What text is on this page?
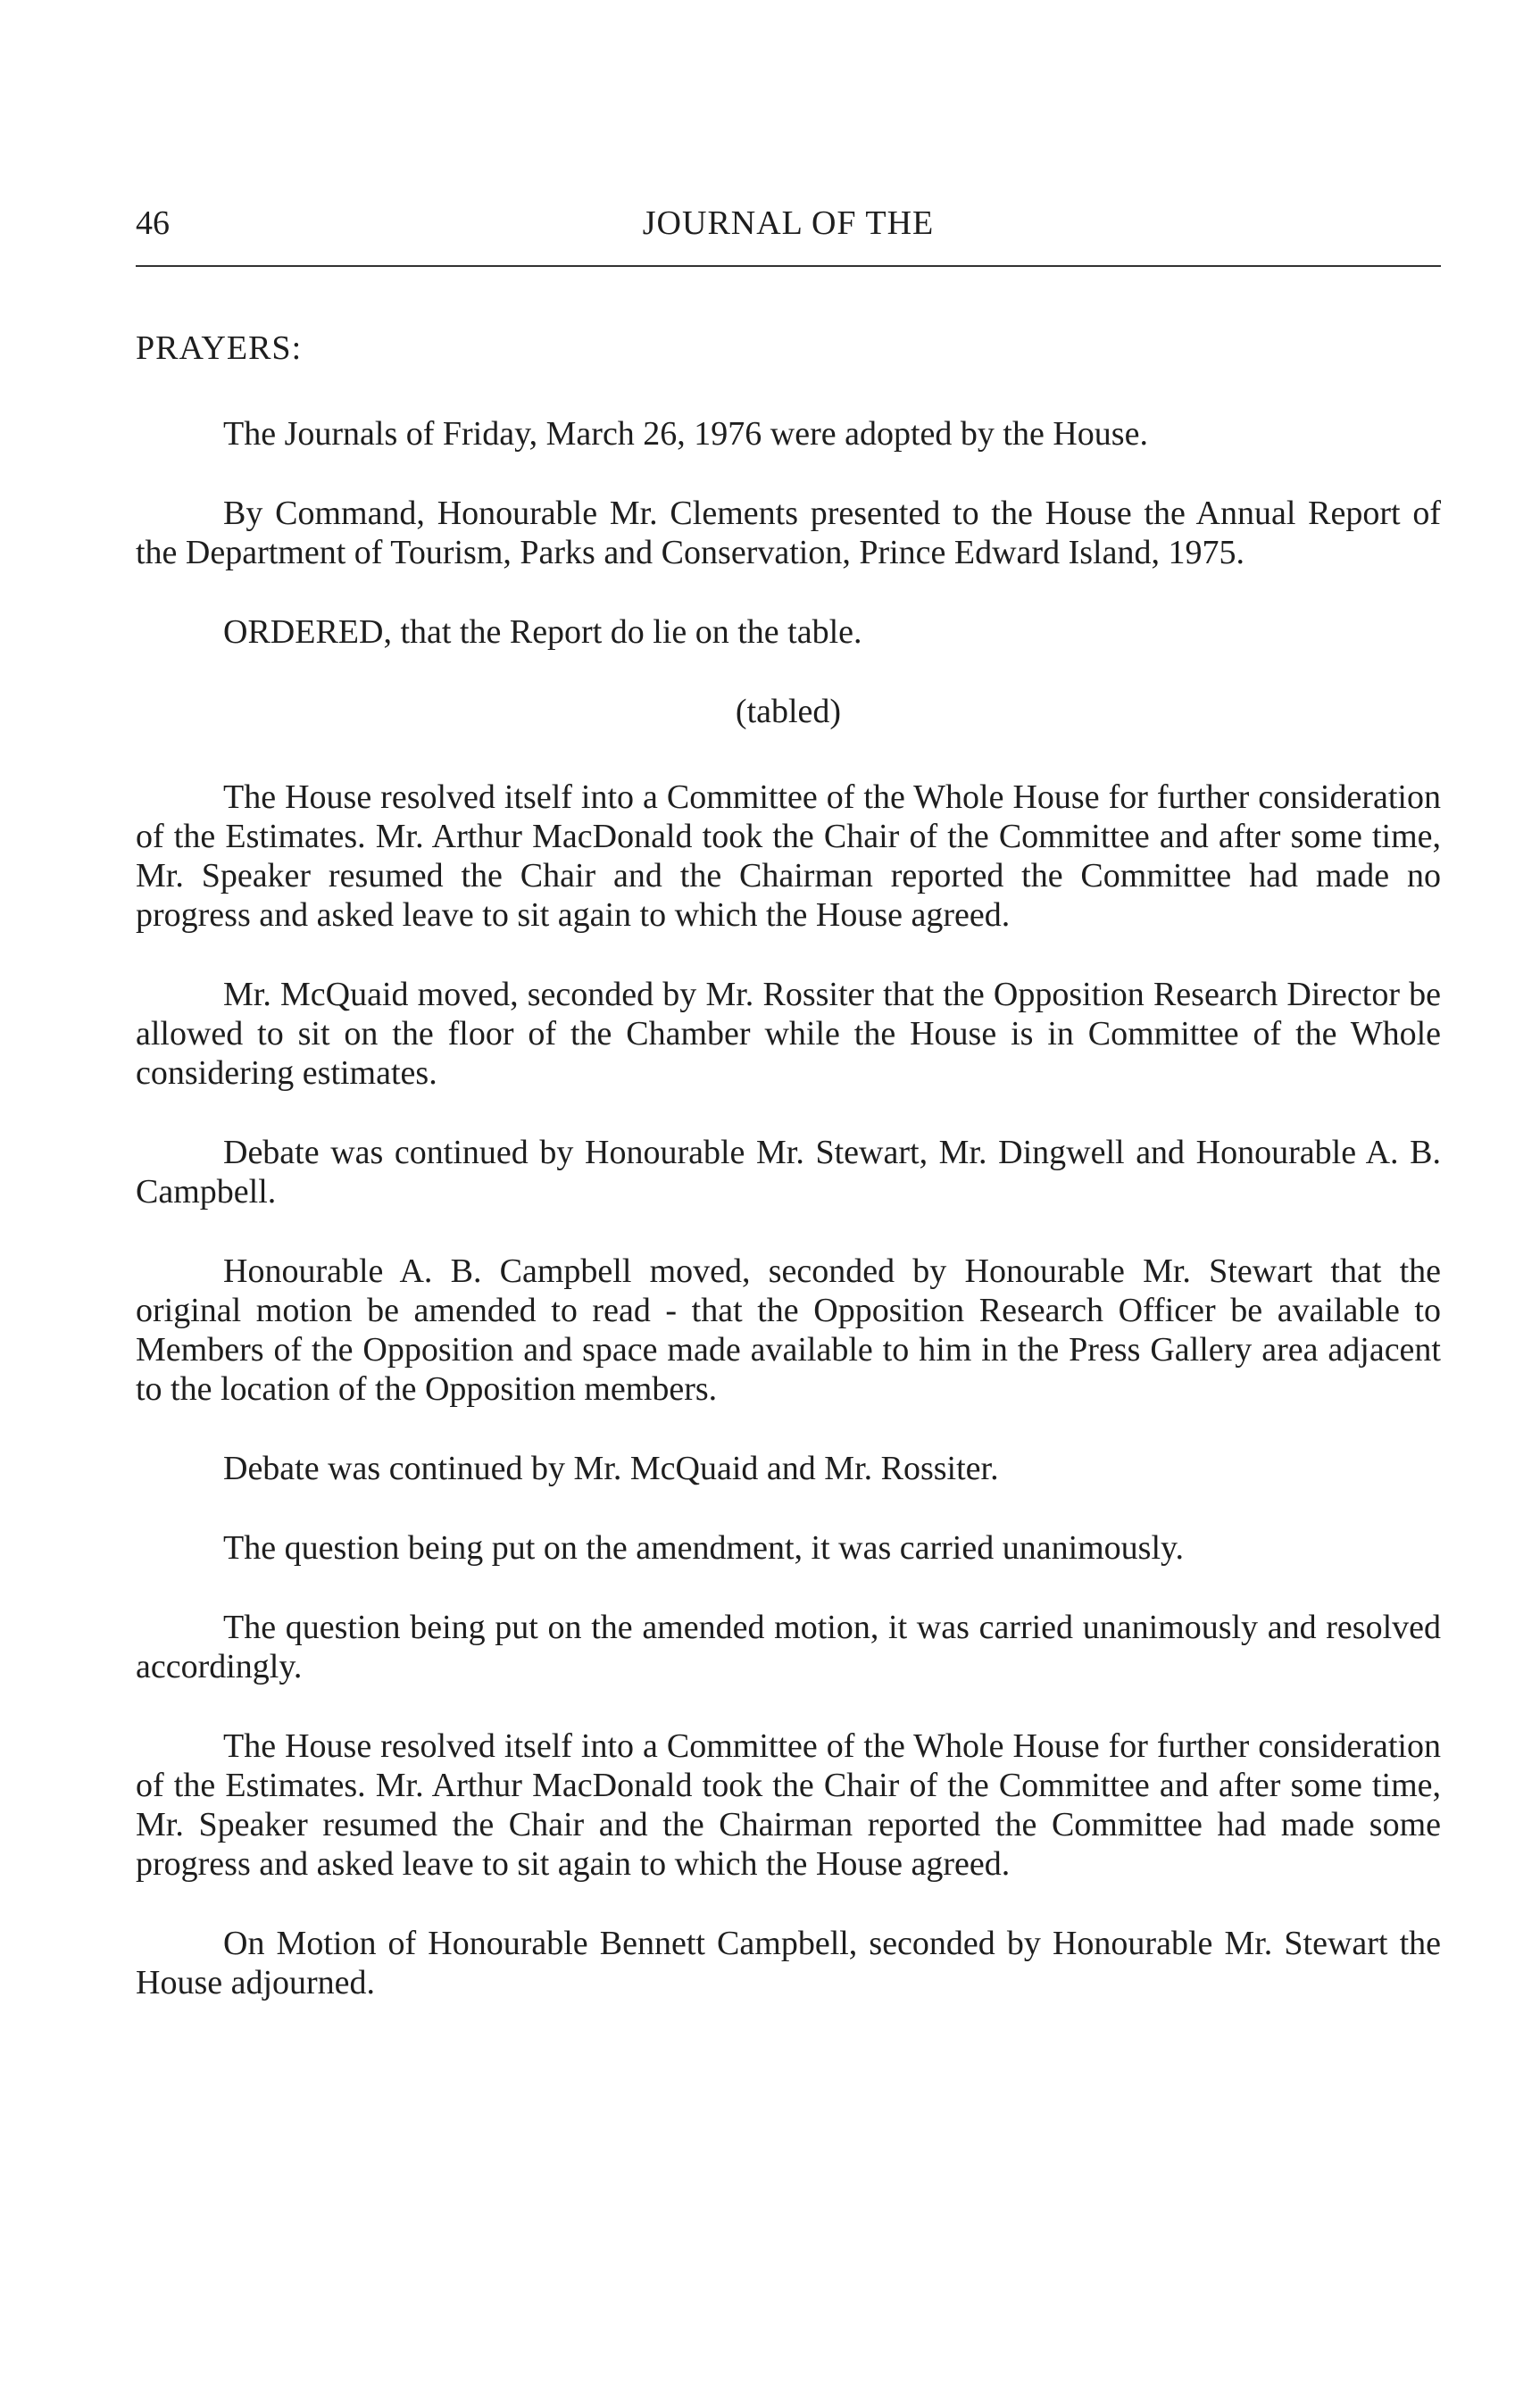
46	JOURNAL OF THE
PRAYERS:

The Journals of Friday, March 26, 1976 were adopted by the House.

By Command, Honourable Mr. Clements presented to the House the Annual Report of the Department of Tourism, Parks and Conservation, Prince Edward Island, 1975.

ORDERED, that the Report do lie on the table.

(tabled)

The House resolved itself into a Committee of the Whole House for further consideration of the Estimates. Mr. Arthur MacDonald took the Chair of the Committee and after some time, Mr. Speaker resumed the Chair and the Chairman reported the Committee had made no progress and asked leave to sit again to which the House agreed.

Mr. McQuaid moved, seconded by Mr. Rossiter that the Opposition Research Director be allowed to sit on the floor of the Chamber while the House is in Committee of the Whole considering estimates.

Debate was continued by Honourable Mr. Stewart, Mr. Dingwell and Honourable A. B. Campbell.

Honourable A. B. Campbell moved, seconded by Honourable Mr. Stewart that the original motion be amended to read - that the Opposition Research Officer be available to Members of the Opposition and space made available to him in the Press Gallery area adjacent to the location of the Opposition members.

Debate was continued by Mr. McQuaid and Mr. Rossiter.

The question being put on the amendment, it was carried unanimously.

The question being put on the amended motion, it was carried unanimously and resolved accordingly.

The House resolved itself into a Committee of the Whole House for further consideration of the Estimates. Mr. Arthur MacDonald took the Chair of the Committee and after some time, Mr. Speaker resumed the Chair and the Chairman reported the Committee had made some progress and asked leave to sit again to which the House agreed.

On Motion of Honourable Bennett Campbell, seconded by Honourable Mr. Stewart the House adjourned.
